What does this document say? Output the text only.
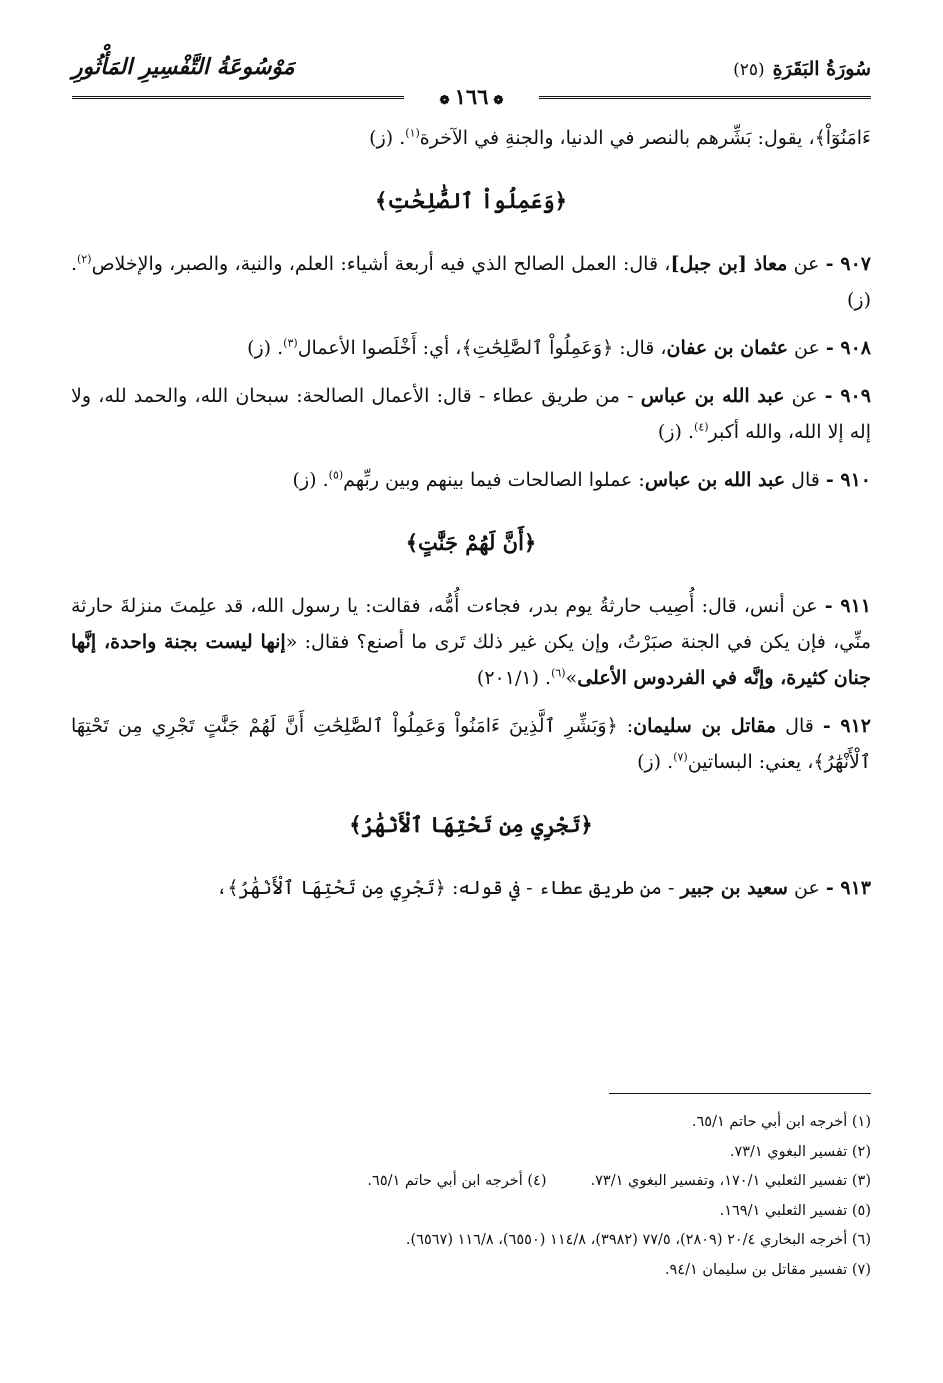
سُورَةُ البَقَرَةِ(٢٥)
مَوْسُوعَةُ التَّفْسِيرِ المَأْثُورِ
❁١٦٦❁

ءَامَنُوٓاْ﴾، يقول: بَشِّرهم بالنصر في الدنيا، والجنةِ في الآخرة$^{(١)}$. (ز)

﴿وَعَمِلُواْ ٱلصَّٰلِحَٰتِ﴾

٩٠٧ - عن معاذ [بن جبل]، قال: العمل الصالح الذي فيه أربعة أشياء: العلم، والنية، والصبر، والإخلاص$^{(٢)}$. (ز)

٩٠٨ - عن عثمان بن عفان، قال: ﴿وَعَمِلُواْ ٱلصَّٰلِحَٰتِ﴾، أي: أَخْلَصوا الأعمال$^{(٣)}$. (ز)

٩٠٩ - عن عبد الله بن عباس - من طريق عطاء - قال: الأعمال الصالحة: سبحان الله، والحمد لله، ولا إله إلا الله، والله أكبر$^{(٤)}$. (ز)

٩١٠ - قال عبد الله بن عباس: عملوا الصالحات فيما بينهم وبين ربِّهم$^{(٥)}$. (ز)

﴿أَنَّ لَهُمْ جَنَّٰتٍ﴾

٩١١ - عن أنس، قال: أُصِيب حارثةُ يوم بدر، فجاءت أُمُّه، فقالت: يا رسول الله، قد علِمتَ منزلةَ حارثة منِّي، فإن يكن في الجنة صبَرْتُ، وإن يكن غير ذلك تَرى ما أصنع؟ فقال: «إنها ليست بجنة واحدة، إنَّها جنان كثيرة، وإنَّه في الفردوس الأعلى»$^{(٦)}$. (٢٠١/١)

٩١٢ - قال مقاتل بن سليمان: ﴿وَبَشِّرِ ٱلَّذِينَ ءَامَنُواْ وَعَمِلُواْ ٱلصَّٰلِحَٰتِ أَنَّ لَهُمْ جَنَّٰتٍ تَجْرِي مِن تَحْتِهَا ٱلْأَنْهَٰرُ﴾، يعني: البساتين$^{(٧)}$. (ز)

﴿تَجْرِي مِن تَحْتِهَا ٱلْأَنْهَٰرُ﴾

٩١٣ - عن سعيد بن جبير - من طريق عطاء - في قوله: ﴿تَجْرِي مِن تَحْتِهَا ٱلْأَنْهَٰرُ﴾،

(١) أخرجه ابن أبي حاتم ٦٥/١.
(٢) تفسير البغوي ٧٣/١.
(٣) تفسير الثعلبي ١٧٠/١، وتفسير البغوي ٧٣/١.(٤) أخرجه ابن أبي حاتم ٦٥/١.
(٥) تفسير الثعلبي ١٦٩/١.
(٦) أخرجه البخاري ٢٠/٤ (٢٨٠٩)، ٧٧/٥ (٣٩٨٢)، ١١٤/٨ (٦٥٥٠)، ١١٦/٨ (٦٥٦٧).
(٧) تفسير مقاتل بن سليمان ٩٤/١.
